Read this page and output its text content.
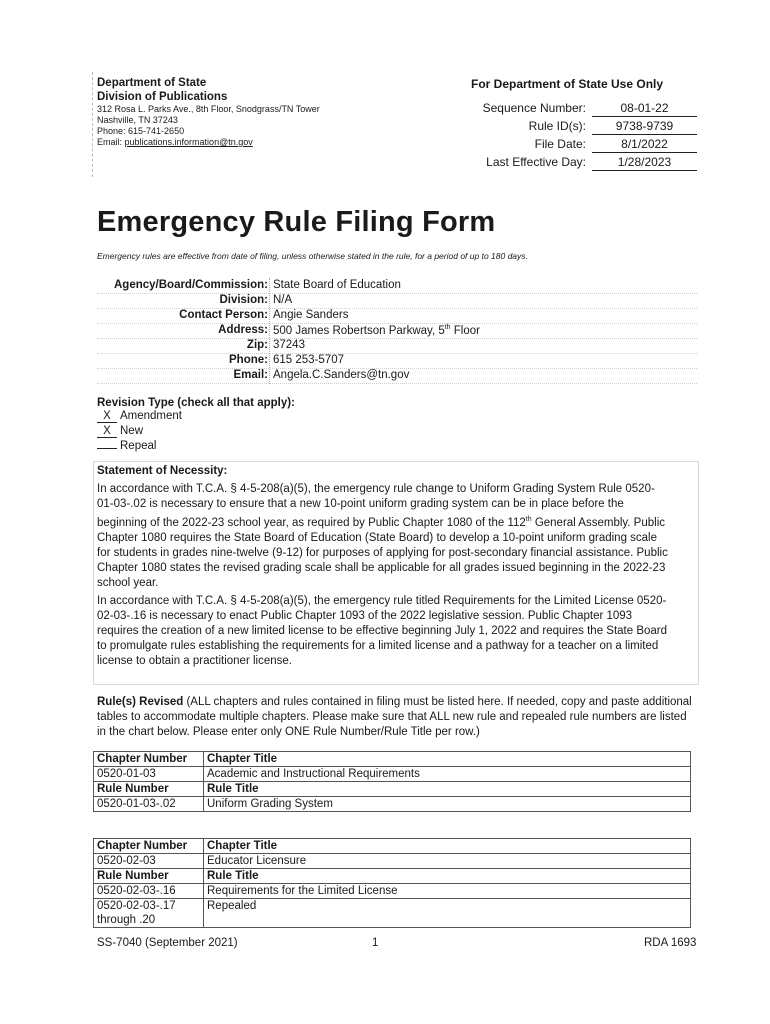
Department of State
Division of Publications
312 Rosa L. Parks Ave., 8th Floor, Snodgrass/TN Tower
Nashville, TN 37243
Phone: 615-741-2650
Email: publications.information@tn.gov
For Department of State Use Only
Sequence Number:	08-01-22
Rule ID(s):	9738-9739
File Date:	8/1/2022
Last Effective Day:	1/28/2023
Emergency Rule Filing Form
Emergency rules are effective from date of filing, unless otherwise stated in the rule, for a period of up to 180 days.
Agency/Board/Commission: State Board of Education
Division: N/A
Contact Person: Angie Sanders
Address: 500 James Robertson Parkway, 5th Floor
Zip: 37243
Phone: 615 253-5707
Email: Angela.C.Sanders@tn.gov
Revision Type (check all that apply):
X Amendment
X New
Repeal
Statement of Necessity:
In accordance with T.C.A. § 4-5-208(a)(5), the emergency rule change to Uniform Grading System Rule 0520-
01-03-.02 is necessary to ensure that a new 10-point uniform grading system can be in place before the
beginning of the 2022-23 school year, as required by Public Chapter 1080 of the 112th General Assembly. Public
Chapter 1080 requires the State Board of Education (State Board) to develop a 10-point uniform grading scale
for students in grades nine-twelve (9-12) for purposes of applying for post-secondary financial assistance. Public
Chapter 1080 states the revised grading scale shall be applicable for all grades issued beginning in the 2022-23
school year.
In accordance with T.C.A. § 4-5-208(a)(5), the emergency rule titled Requirements for the Limited License 0520-
02-03-.16 is necessary to enact Public Chapter 1093 of the 2022 legislative session. Public Chapter 1093
requires the creation of a new limited license to be effective beginning July 1, 2022 and requires the State Board
to promulgate rules establishing the requirements for a limited license and a pathway for a teacher on a limited
license to obtain a practitioner license.
Rule(s) Revised (ALL chapters and rules contained in filing must be listed here. If needed, copy and paste additional tables to accommodate multiple chapters. Please make sure that ALL new rule and repealed rule numbers are listed in the chart below. Please enter only ONE Rule Number/Rule Title per row.)
Chapter Number	Chapter Title
0520-01-03	Academic and Instructional Requirements
Rule Number	Rule Title
0520-01-03-.02	Uniform Grading System
Chapter Number	Chapter Title
0520-02-03	Educator Licensure
Rule Number	Rule Title
0520-02-03-.16	Requirements for the Limited License
0520-02-03-.17 through .20	Repealed
SS-7040 (September 2021)	1	RDA 1693
